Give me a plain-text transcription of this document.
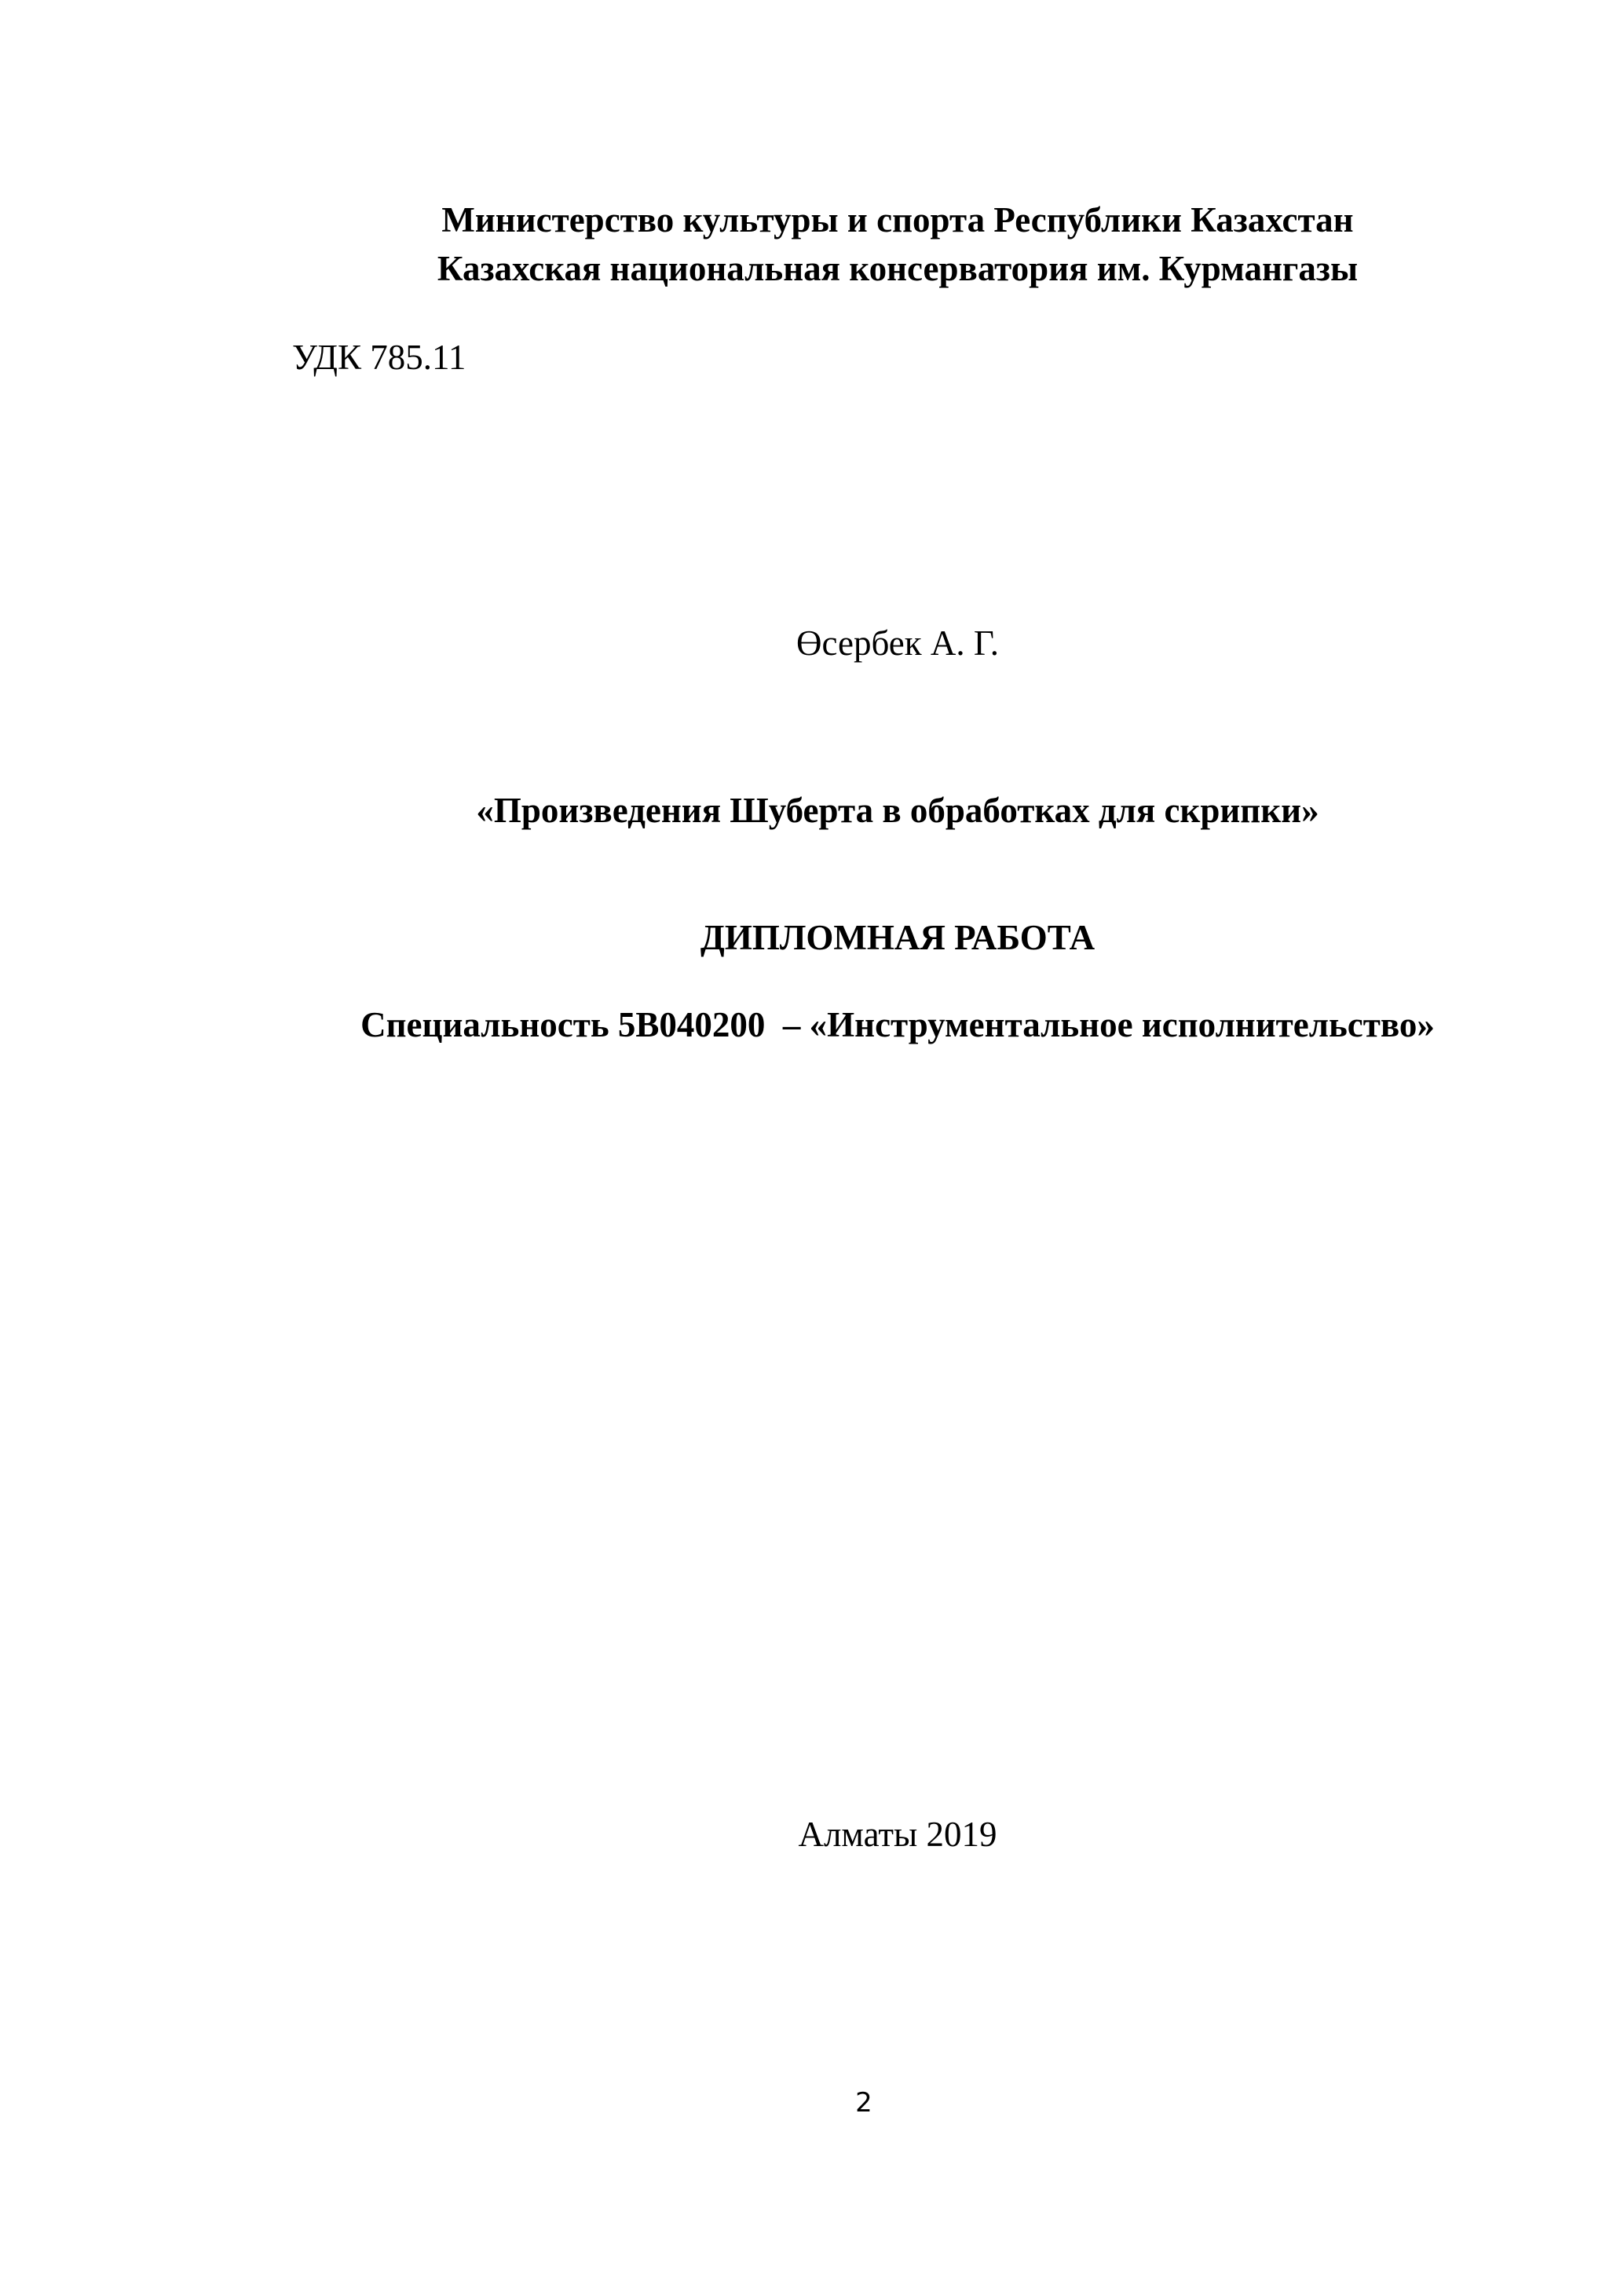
Министерство культуры и спорта Республики Казахстан
Казахская национальная консерватория им. Курмангазы
УДК 785.11
Өсербек А. Г.
«Произведения Шуберта в обработках для скрипки»
ДИПЛОМНАЯ РАБОТА
Специальность 5В040200  – «Инструментальное исполнительство»
Алматы 2019
2
